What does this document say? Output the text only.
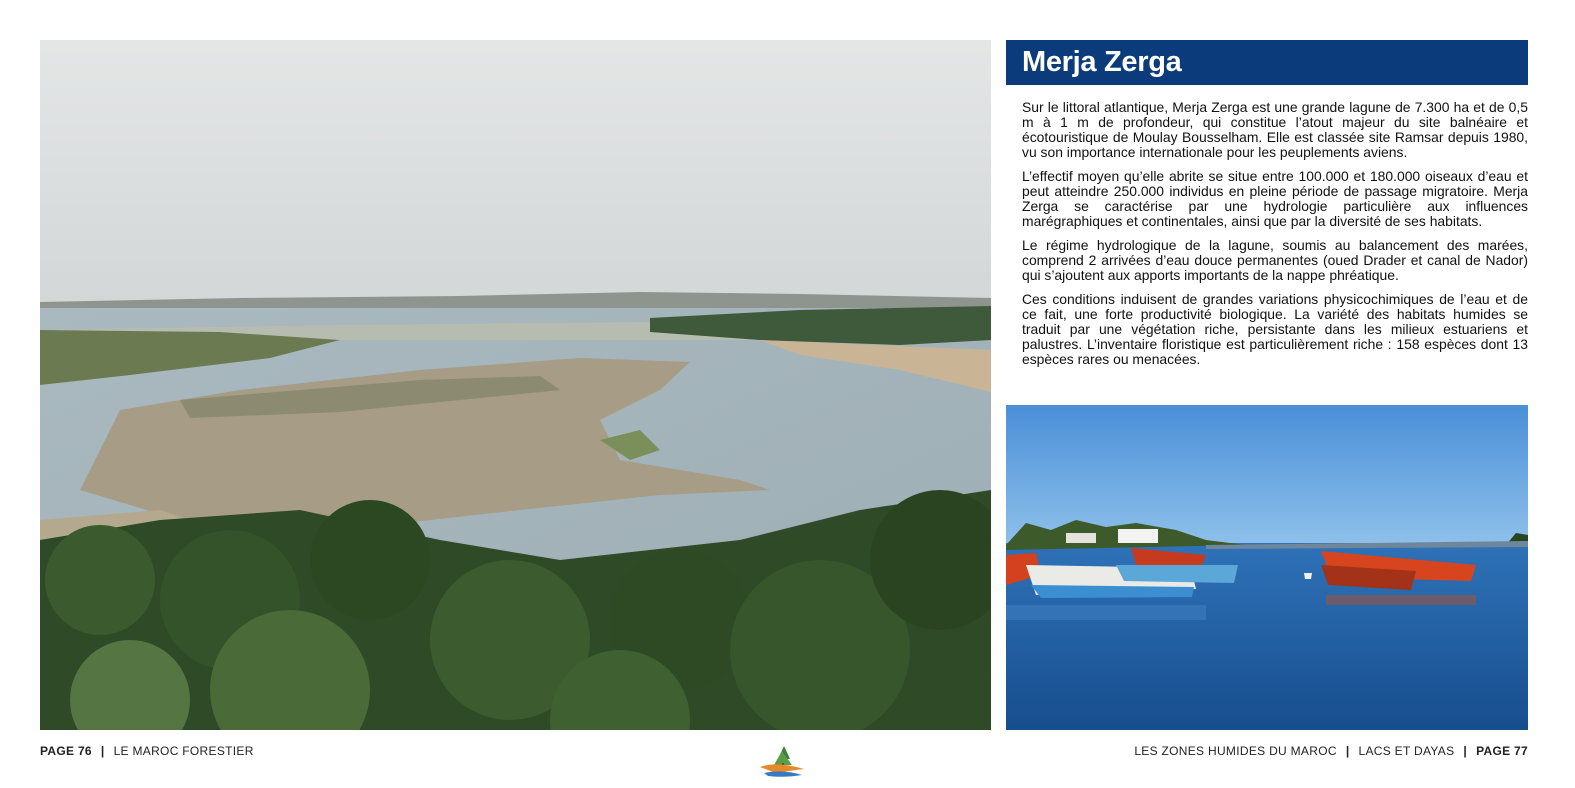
Merja Zerga

Sur le littoral atlantique, Merja Zerga est une grande lagune de 7.300 ha et de 0,5 m à 1 m de profondeur, qui constitue l’atout majeur du site balnéaire et écotouristique de Moulay Bousselham. Elle est classée site Ramsar depuis 1980, vu son importance internationale pour les peuplements aviens.

L’effectif moyen qu’elle abrite se situe entre 100.000 et 180.000 oiseaux d’eau et peut atteindre 250.000 individus en pleine période de passage migratoire. Merja Zerga se caractérise par une hydrologie particulière aux influences marégraphiques et continentales, ainsi que par la diversité de ses habitats.

Le régime hydrologique de la lagune, soumis au balancement des marées, comprend 2 arrivées d’eau douce permanentes (oued Drader et canal de Nador) qui s’ajoutent aux apports importants de la nappe phréatique.

Ces conditions induisent de grandes variations physicochimiques de l’eau et de ce fait, une forte productivité biologique. La variété des habitats humides se traduit par une végétation riche, persistante dans les milieux estuariens et palustres. L’inventaire floristique est particulièrement riche : 158 espèces dont 13 espèces rares ou menacées.

PAGE 76 | LE MAROC FORESTIER	LES ZONES HUMIDES DU MAROC | LACS ET DAYAS | PAGE 77
